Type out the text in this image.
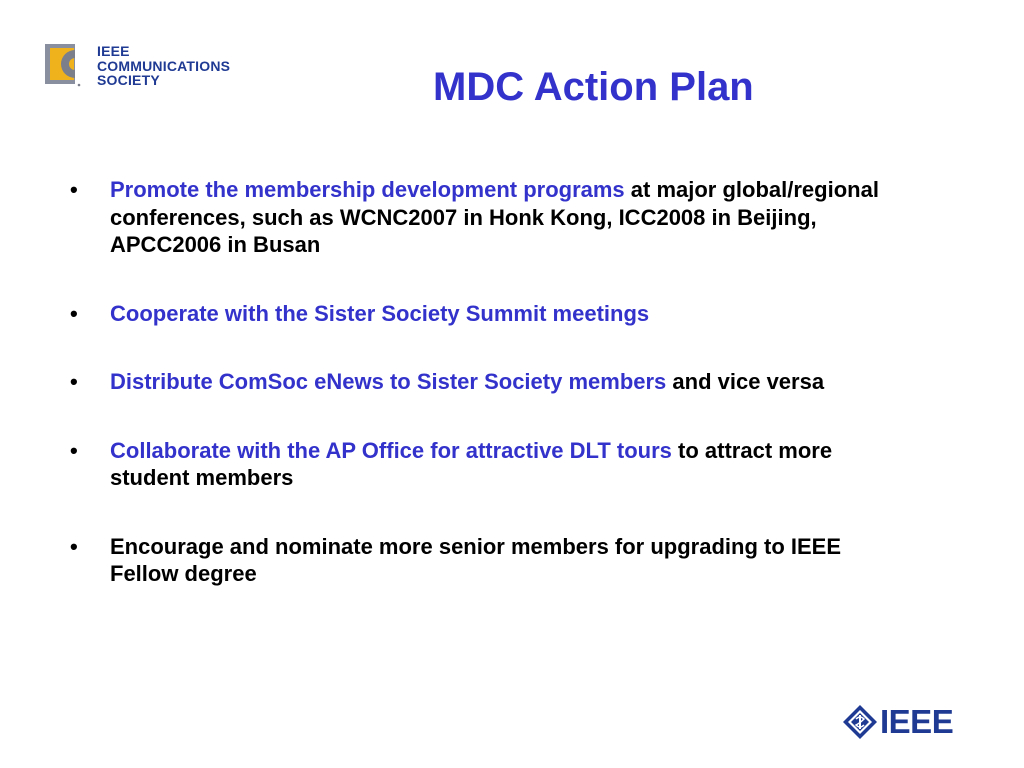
IEEE
COMMUNICATIONS
SOCIETY	MDC Action Plan
•	Promote the membership development programs at major global/regional conferences, such as WCNC2007 in Honk Kong, ICC2008 in Beijing, APCC2006 in Busan
•	Cooperate with the Sister Society Summit meetings
•	Distribute ComSoc eNews to Sister Society members and vice versa
•	Collaborate with the AP Office for attractive DLT tours to attract more student members
•	Encourage and nominate more senior members for upgrading to IEEE Fellow degree

IEEE
